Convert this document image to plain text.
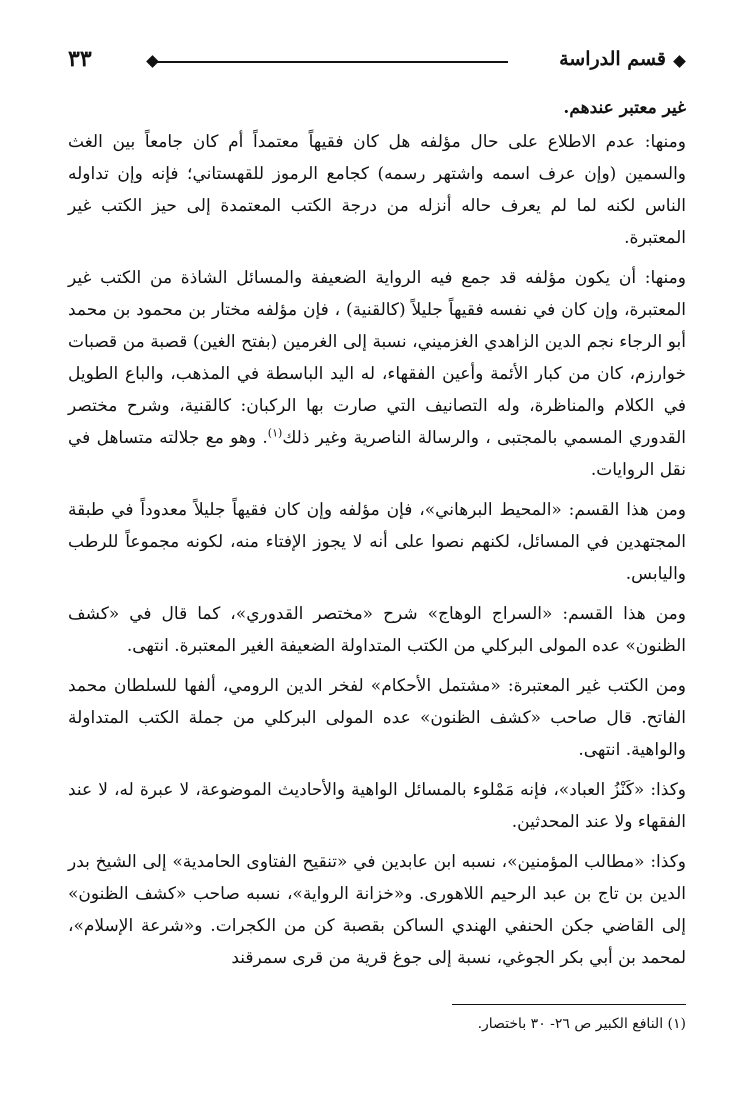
قسم الدراسة
٣٣

غير معتبر عندهم.

ومنها: عدم الاطلاع على حال مؤلفه هل كان فقيهاً معتمداً أم كان جامعاً بين الغث والسمين (وإن عرف اسمه واشتهر رسمه) كجامع الرموز للقهستاني؛ فإنه وإن تداوله الناس لكنه لما لم يعرف حاله أنزله من درجة الكتب المعتمدة إلى حيز الكتب غير المعتبرة.

ومنها: أن يكون مؤلفه قد جمع فيه الرواية الضعيفة والمسائل الشاذة من الكتب غير المعتبرة، وإن كان في نفسه فقيهاً جليلاً (كالقنية) ، فإن مؤلفه مختار بن محمود بن محمد أبو الرجاء نجم الدين الزاهدي الغزميني، نسبة إلى الغرمين (بفتح الغين) قصبة من قصبات خوارزم، كان من كبار الأئمة وأعين الفقهاء، له اليد الباسطة في المذهب، والباع الطويل في الكلام والمناظرة، وله التصانيف التي صارت بها الركبان: كالقنية، وشرح مختصر القدوري المسمي بالمجتبى ، والرسالة الناصرية وغير ذلك$^{(١)}$. وهو مع جلالته متساهل في نقل الروايات.

ومن هذا القسم: «المحيط البرهاني»، فإن مؤلفه وإن كان فقيهاً جليلاً معدوداً في طبقة المجتهدين في المسائل، لكنهم نصوا على أنه لا يجوز الإفتاء منه، لكونه مجموعاً للرطب واليابس.

ومن هذا القسم: «السراج الوهاج» شرح «مختصر القدوري»، كما قال في «كشف الظنون» عده المولى البركلي من الكتب المتداولة الضعيفة الغير المعتبرة. انتهى.

ومن الكتب غير المعتبرة: «مشتمل الأحكام» لفخر الدين الرومي، ألفها للسلطان محمد الفاتح. قال صاحب «كشف الظنون» عده المولى البركلي من جملة الكتب المتداولة والواهية. انتهى.

وكذا: «كَنْزُ العباد»، فإنه مَمْلوء بالمسائل الواهية والأحاديث الموضوعة، لا عبرة له، لا عند الفقهاء ولا عند المحدثين.

وكذا: «مطالب المؤمنين»، نسبه ابن عابدين في «تنقيح الفتاوى الحامدية» إلى الشيخ بدر الدين بن تاج بن عبد الرحيم اللاهورى. و«خزانة الرواية»، نسبه صاحب «كشف الظنون» إلى القاضي جكن الحنفي الهندي الساكن بقصبة كن من الكجرات. و«شرعة الإسلام»، لمحمد بن أبي بكر الجوغي، نسبة إلى جوغ قرية من قرى سمرقند

(١) النافع الكبير ص ٢٦- ٣٠ باختصار.
